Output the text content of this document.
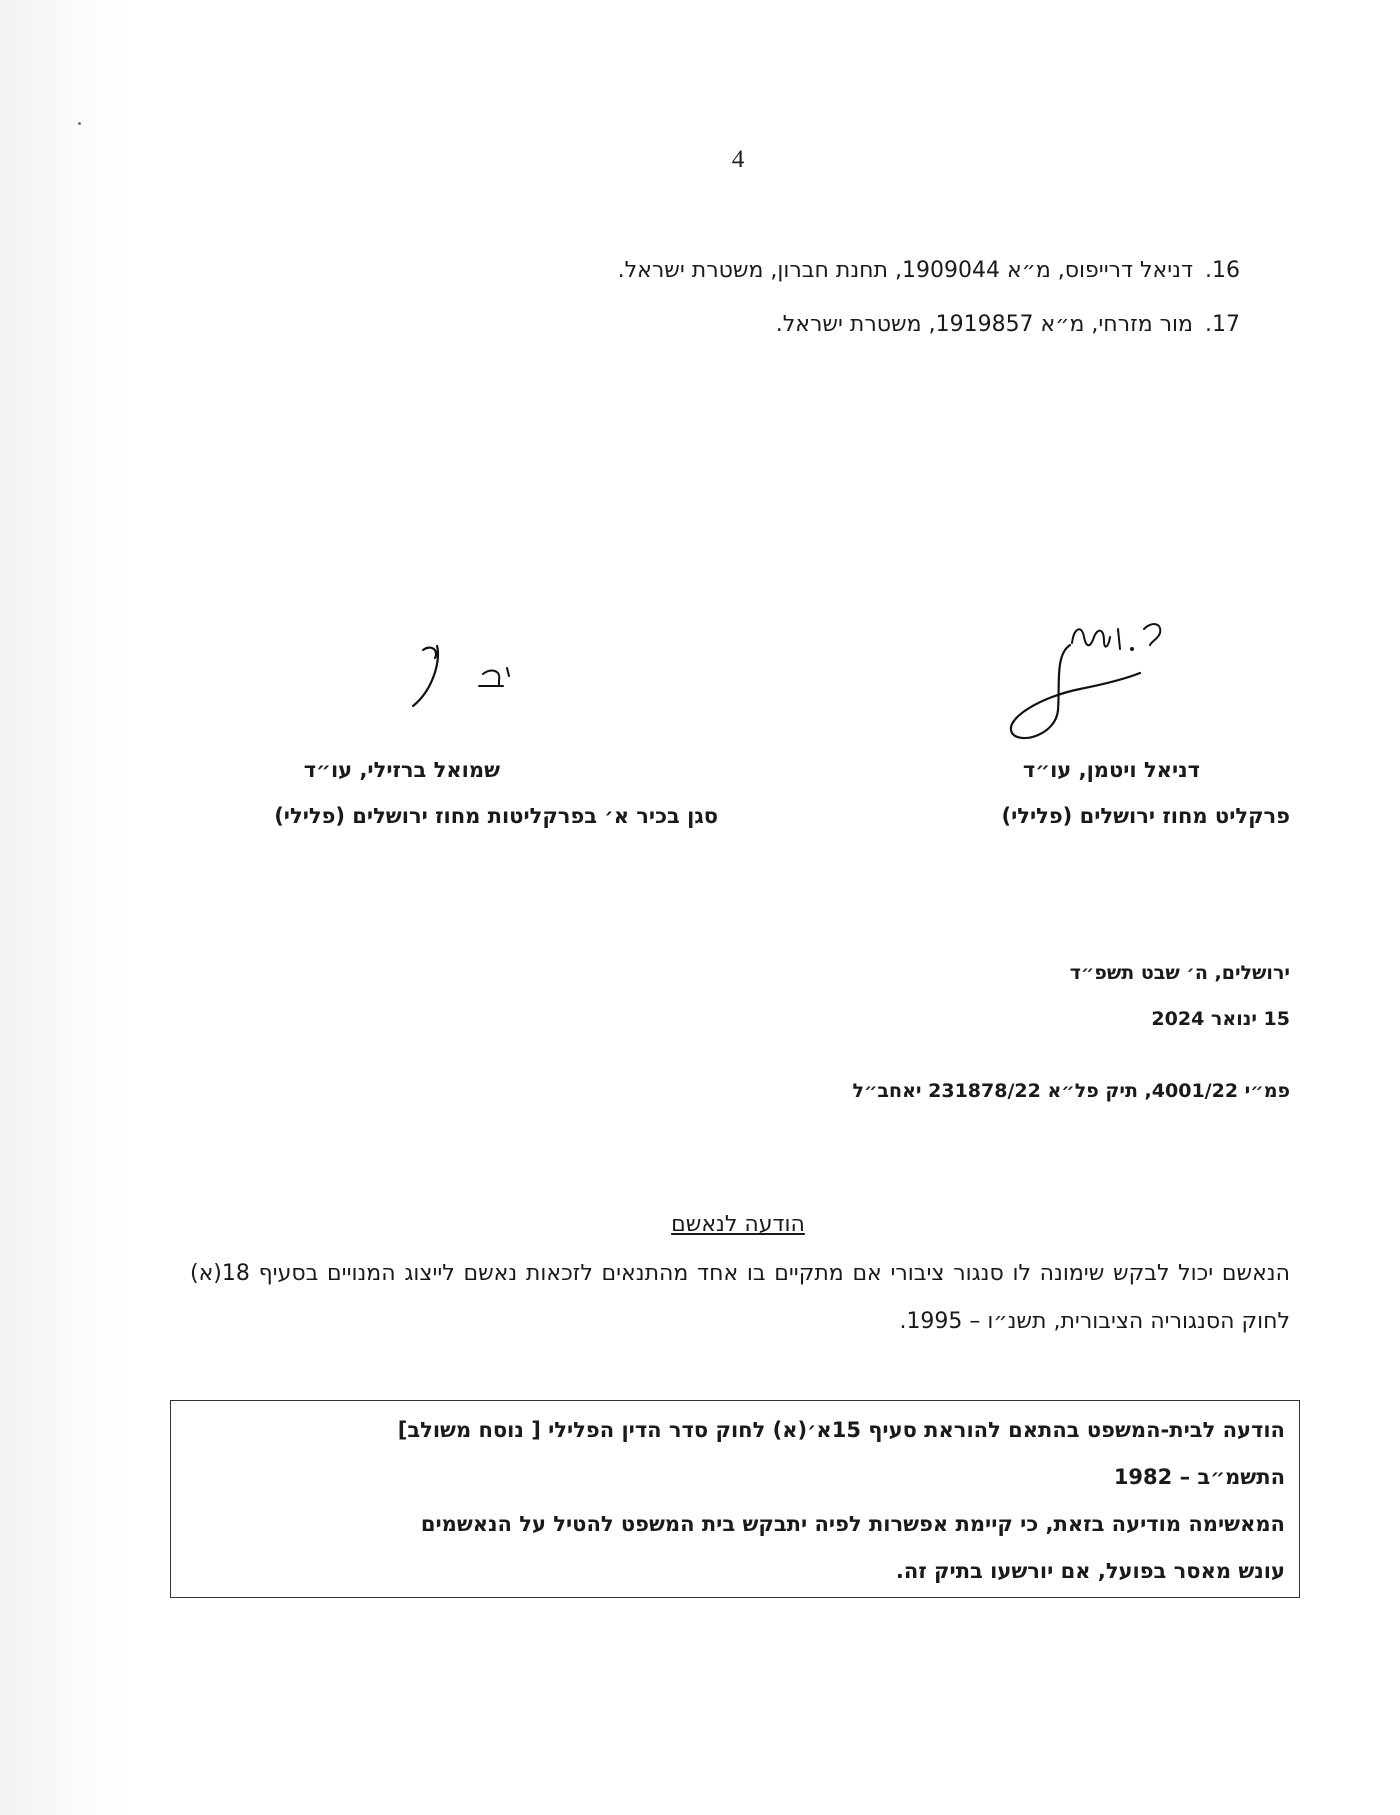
4
16. דניאל דרייפוס, מ״א 1909044, תחנת חברון, משטרת ישראל.
17. מור מזרחי, מ״א 1919857, משטרת ישראל.
דניאל ויטמן, עו״ד
פרקליט מחוז ירושלים (פלילי)
שמואל ברזילי, עו״ד
סגן בכיר א׳ בפרקליטות מחוז ירושלים (פלילי)
ירושלים, ה׳ שבט תשפ״ד
15 ינואר 2024
פמ״י 4001/22, תיק פל״א 231878/22 יאחב״ל
הודעה לנאשם
הנאשם יכול לבקש שימונה לו סנגור ציבורי אם מתקיים בו אחד מהתנאים לזכאות נאשם לייצוג המנויים בסעיף 18(א) לחוק הסנגוריה הציבורית, תשנ״ו – 1995.
הודעה לבית-המשפט בהתאם להוראת סעיף 15א׳(א) לחוק סדר הדין הפלילי [ נוסח משולב]
התשמ״ב – 1982
המאשימה מודיעה בזאת, כי קיימת אפשרות לפיה יתבקש בית המשפט להטיל על הנאשמים
עונש מאסר בפועל, אם יורשעו בתיק זה.
